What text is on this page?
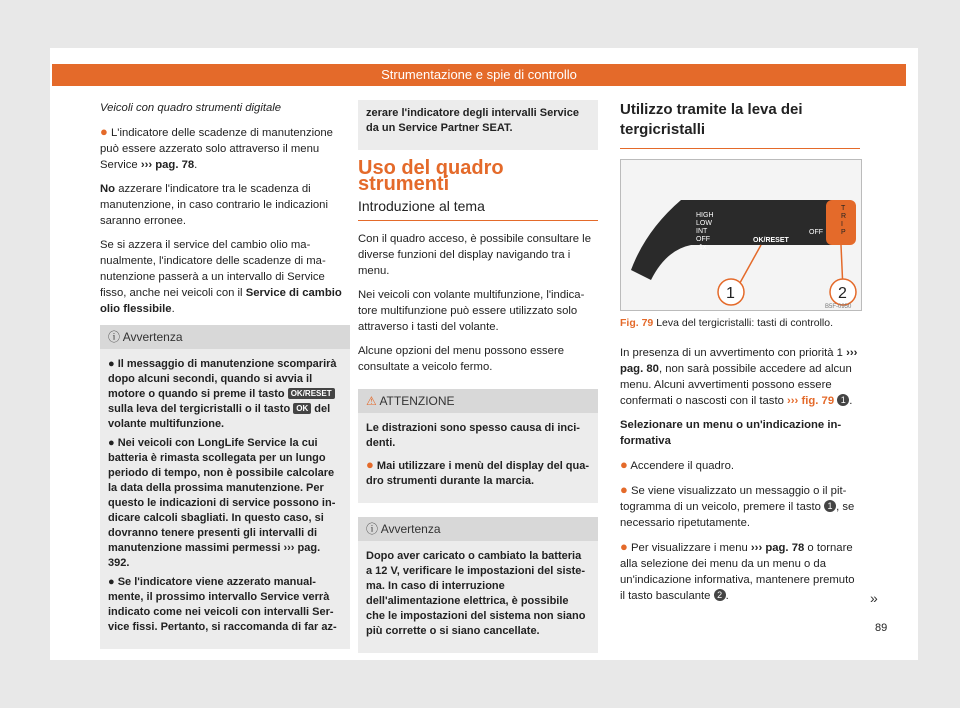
Strumentazione e spie di controllo

Veicoli con quadro strumenti digitale

● L'indicatore delle scadenze di manutenzione può essere azzerato solo attraverso il menu Service ››› pag. 78.

No azzerare l'indicatore tra le scadenza di manutenzione, in caso contrario le indicazioni saranno erronee.

Se si azzera il service del cambio olio manualmente, l'indicatore delle scadenze di manutenzione passerà a un intervallo di Service fisso, anche nei veicoli con il Service di cambio olio flessibile.

ⓘ Avvertenza

● Il messaggio di manutenzione scomparirà dopo alcuni secondi, quando si avvia il motore o quando si preme il tasto OK/RESET sulla leva del tergicristalli o il tasto OK del volante multifunzione.

● Nei veicoli con LongLife Service la cui batteria è rimasta scollegata per un lungo periodo di tempo, non è possibile calcolare la data della prossima manutenzione. Per questo le indicazioni di service possono indicare calcoli sbagliati. In questo caso, si dovranno tenere presenti gli intervalli di manutenzione massimi permessi ››› pag. 392.

● Se l'indicatore viene azzerato manualmente, il prossimo intervallo Service verrà indicato come nei veicoli con intervalli Service fissi. Pertanto, si raccomanda di far az-

zerare l'indicatore degli intervalli Service da un Service Partner SEAT.

Uso del quadro strumenti
Introduzione al tema

Con il quadro acceso, è possibile consultare le diverse funzioni del display navigando tra i menu.

Nei veicoli con volante multifunzione, l'indicatore multifunzione può essere utilizzato solo attraverso i tasti del volante.

Alcune opzioni del menu possono essere consultate a veicolo fermo.

⚠ ATTENZIONE

Le distrazioni sono spesso causa di incidenti.

● Mai utilizzare i menù del display del quadro strumenti durante la marcia.

ⓘ Avvertenza

Dopo aver caricato o cambiato la batteria a 12 V, verificare le impostazioni del sistema. In caso di interruzione dell'alimentazione elettrica, è possibile che le impostazioni del sistema non siano più corrette o si siano cancellate.

Utilizzo tramite la leva dei tergicristalli
HIGH
LOW
INT
OFF
1x
OK/RESET
OFF
T
R
I
P
1	2
B5F-0950
Fig. 79 Leva del tergicristalli: tasti di controllo.

In presenza di un avvertimento con priorità 1 ››› pag. 80, non sarà possibile accedere ad alcun menu. Alcuni avvertimenti possono essere confermati o nascosti con il tasto ››› fig. 79 1 .

Selezionare un menu o un'indicazione informativa

● Accendere il quadro.

● Se viene visualizzato un messaggio o il pittogramma di un veicolo, premere il tasto 1 , se necessario ripetutamente.

● Per visualizzare i menu ››› pag. 78 o tornare alla selezione dei menu da un menu o da un'indicazione informativa, mantenere premuto il tasto basculante 2 .	»
89
